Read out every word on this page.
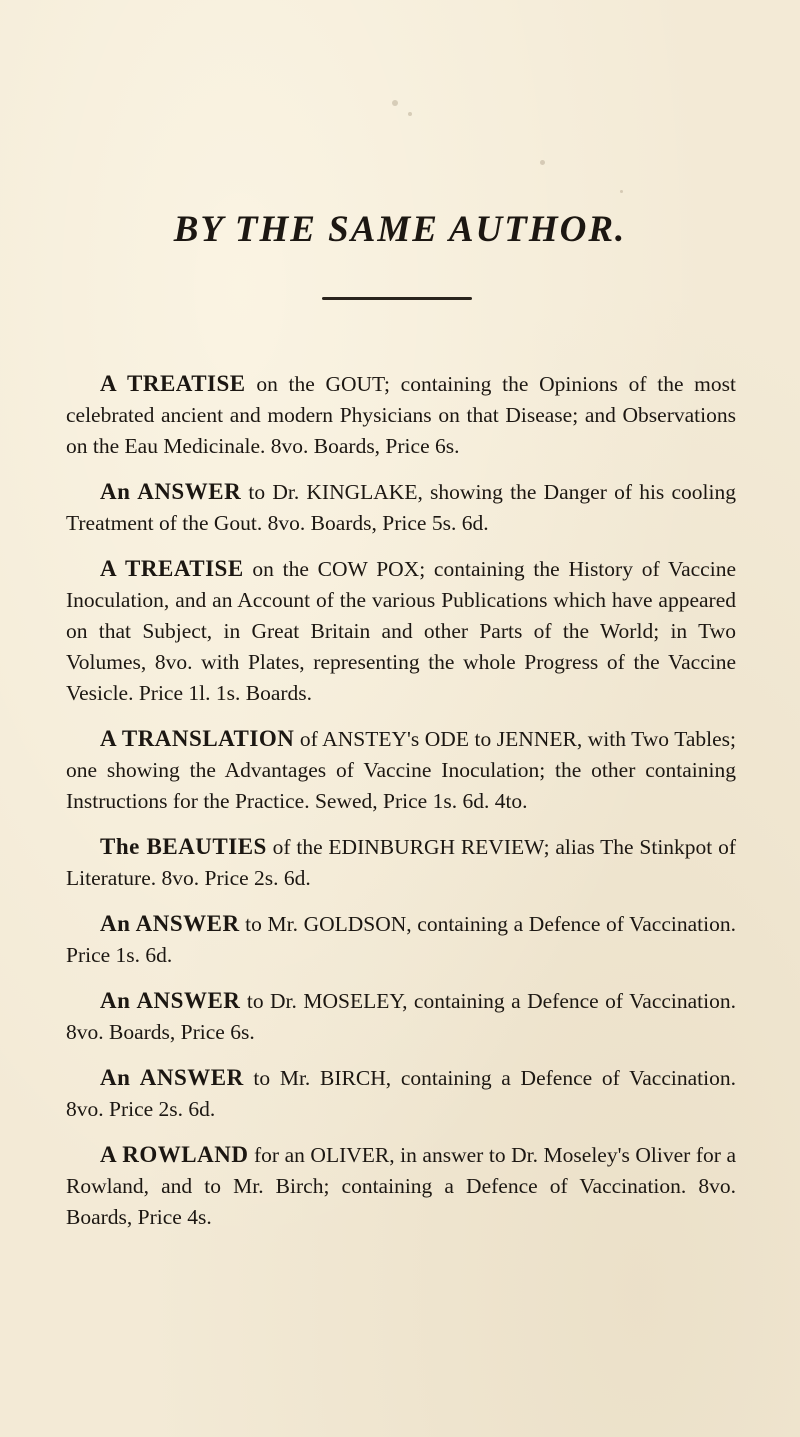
BY THE SAME AUTHOR.

A TREATISE on the GOUT; containing the Opinions of the most celebrated ancient and modern Physicians on that Disease; and Observations on the Eau Medicinale. 8vo. Boards, Price 6s.

An ANSWER to Dr. KINGLAKE, showing the Danger of his cooling Treatment of the Gout. 8vo. Boards, Price 5s. 6d.

A TREATISE on the COW POX; containing the History of Vaccine Inoculation, and an Account of the various Publications which have appeared on that Subject, in Great Britain and other Parts of the World; in Two Volumes, 8vo. with Plates, representing the whole Progress of the Vaccine Vesicle. Price 1l. 1s. Boards.

A TRANSLATION of ANSTEY's ODE to JENNER, with Two Tables; one showing the Advantages of Vaccine Inoculation; the other containing Instructions for the Practice. Sewed, Price 1s. 6d. 4to.

The BEAUTIES of the EDINBURGH REVIEW; alias The Stinkpot of Literature. 8vo. Price 2s. 6d.

An ANSWER to Mr. GOLDSON, containing a Defence of Vaccination. Price 1s. 6d.

An ANSWER to Dr. MOSELEY, containing a Defence of Vaccination. 8vo. Boards, Price 6s.

An ANSWER to Mr. BIRCH, containing a Defence of Vaccination. 8vo. Price 2s. 6d.

A ROWLAND for an OLIVER, in answer to Dr. Moseley's Oliver for a Rowland, and to Mr. Birch; containing a Defence of Vaccination. 8vo. Boards, Price 4s.
